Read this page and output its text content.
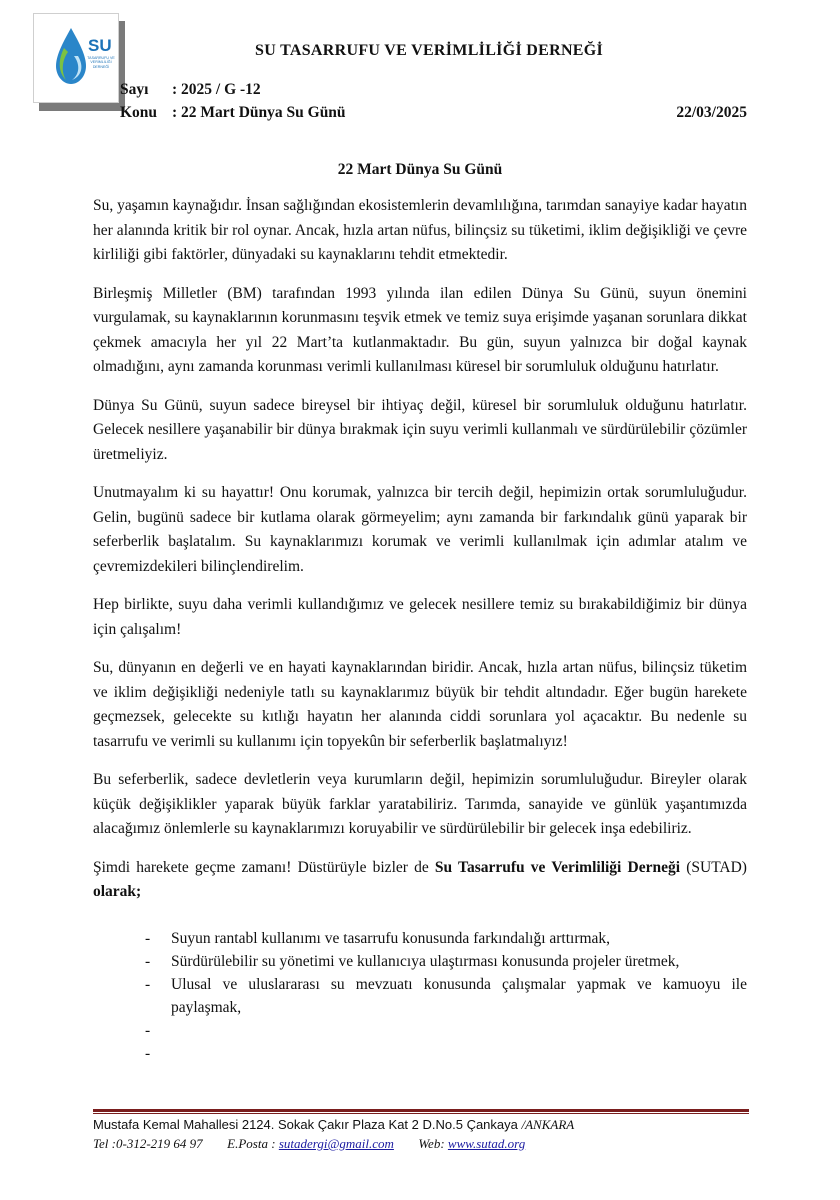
SU
TASARRUFU VE VERİMLİLİĞİ DERNEĞİ
SU TASARRUFU VE VERİMLİLİĞİ DERNEĞİ
Sayı : 2025 / G -12
Konu : 22 Mart Dünya Su Günü	22/03/2025
22 Mart Dünya Su Günü

Su, yaşamın kaynağıdır. İnsan sağlığından ekosistemlerin devamlılığına, tarımdan sanayiye kadar hayatın her alanında kritik bir rol oynar. Ancak, hızla artan nüfus, bilinçsiz su tüketimi, iklim değişikliği ve çevre kirliliği gibi faktörler, dünyadaki su kaynaklarını tehdit etmektedir.

Birleşmiş Milletler (BM) tarafından 1993 yılında ilan edilen Dünya Su Günü, suyun önemini vurgulamak, su kaynaklarının korunmasını teşvik etmek ve temiz suya erişimde yaşanan sorunlara dikkat çekmek amacıyla her yıl 22 Mart’ta kutlanmaktadır. Bu gün, suyun yalnızca bir doğal kaynak olmadığını, aynı zamanda korunması verimli kullanılması küresel bir sorumluluk olduğunu hatırlatır.

Dünya Su Günü, suyun sadece bireysel bir ihtiyaç değil, küresel bir sorumluluk olduğunu hatırlatır. Gelecek nesillere yaşanabilir bir dünya bırakmak için suyu verimli kullanmalı ve sürdürülebilir çözümler üretmeliyiz.

Unutmayalım ki su hayattır! Onu korumak, yalnızca bir tercih değil, hepimizin ortak sorumluluğudur. Gelin, bugünü sadece bir kutlama olarak görmeyelim; aynı zamanda bir farkındalık günü yaparak bir seferberlik başlatalım. Su kaynaklarımızı korumak ve verimli kullanılmak için adımlar atalım ve çevremizdekileri bilinçlendirelim.

Hep birlikte, suyu daha verimli kullandığımız ve gelecek nesillere temiz su bırakabildiğimiz bir dünya için çalışalım!

Su, dünyanın en değerli ve en hayati kaynaklarından biridir. Ancak, hızla artan nüfus, bilinçsiz tüketim ve iklim değişikliği nedeniyle tatlı su kaynaklarımız büyük bir tehdit altındadır. Eğer bugün harekete geçmezsek, gelecekte su kıtlığı hayatın her alanında ciddi sorunlara yol açacaktır. Bu nedenle su tasarrufu ve verimli su kullanımı için topyekûn bir seferberlik başlatmalıyız!

Bu seferberlik, sadece devletlerin veya kurumların değil, hepimizin sorumluluğudur. Bireyler olarak küçük değişiklikler yaparak büyük farklar yaratabiliriz. Tarımda, sanayide ve günlük yaşantımızda alacağımız önlemlerle su kaynaklarımızı koruyabilir ve sürdürülebilir bir gelecek inşa edebiliriz.

Şimdi harekete geçme zamanı! Düstürüyle bizler de Su Tasarrufu ve Verimliliği Derneği (SUTAD) olarak;

- Suyun rantabl kullanımı ve tasarrufu konusunda farkındalığı arttırmak,
- Sürdürülebilir su yönetimi ve kullanıcıya ulaştırması konusunda projeler üretmek,
- Ulusal ve uluslararası su mevzuatı konusunda çalışmalar yapmak ve kamuoyu ile paylaşmak,
-

-

Mustafa Kemal Mahallesi 2124. Sokak Çakır Plaza Kat 2 D.No.5 Çankaya /ANKARA
Tel :0-312-219 64 97 E.Posta : sutadergi@gmail.com Web: www.sutad.org
